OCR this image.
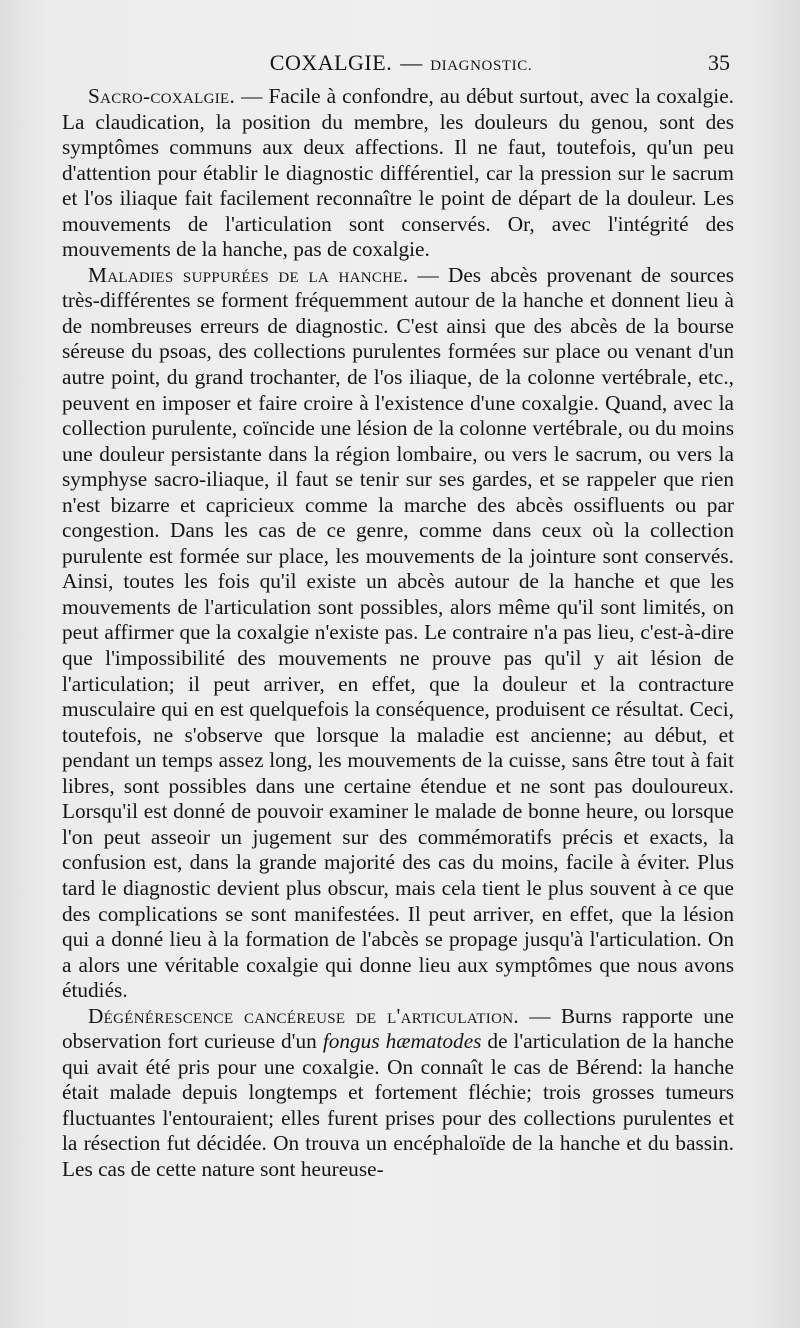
COXALGIE. — DIAGNOSTIC.	35

Sacro-coxalgie. — Facile à confondre, au début surtout, avec la coxalgie. La claudication, la position du membre, les douleurs du genou, sont des symptômes communs aux deux affections. Il ne faut, toutefois, qu'un peu d'attention pour établir le diagnostic différentiel, car la pression sur le sacrum et l'os iliaque fait facilement reconnaître le point de départ de la douleur. Les mouvements de l'articulation sont conservés. Or, avec l'intégrité des mouvements de la hanche, pas de coxalgie.

Maladies suppurées de la hanche. — Des abcès provenant de sources très-différentes se forment fréquemment autour de la hanche et donnent lieu à de nombreuses erreurs de diagnostic. C'est ainsi que des abcès de la bourse séreuse du psoas, des collections purulentes formées sur place ou venant d'un autre point, du grand trochanter, de l'os iliaque, de la colonne vertébrale, etc., peuvent en imposer et faire croire à l'existence d'une coxalgie. Quand, avec la collection purulente, coïncide une lésion de la colonne vertébrale, ou du moins une douleur persistante dans la région lombaire, ou vers le sacrum, ou vers la symphyse sacro-iliaque, il faut se tenir sur ses gardes, et se rappeler que rien n'est bizarre et capricieux comme la marche des abcès ossifluents ou par congestion. Dans les cas de ce genre, comme dans ceux où la collection purulente est formée sur place, les mouvements de la jointure sont conservés. Ainsi, toutes les fois qu'il existe un abcès autour de la hanche et que les mouvements de l'articulation sont possibles, alors même qu'il sont limités, on peut affirmer que la coxalgie n'existe pas. Le contraire n'a pas lieu, c'est-à-dire que l'impossibilité des mouvements ne prouve pas qu'il y ait lésion de l'articulation; il peut arriver, en effet, que la douleur et la contracture musculaire qui en est quelquefois la conséquence, produisent ce résultat. Ceci, toutefois, ne s'observe que lorsque la maladie est ancienne; au début, et pendant un temps assez long, les mouvements de la cuisse, sans être tout à fait libres, sont possibles dans une certaine étendue et ne sont pas douloureux. Lorsqu'il est donné de pouvoir examiner le malade de bonne heure, ou lorsque l'on peut asseoir un jugement sur des commémoratifs précis et exacts, la confusion est, dans la grande majorité des cas du moins, facile à éviter. Plus tard le diagnostic devient plus obscur, mais cela tient le plus souvent à ce que des complications se sont manifestées. Il peut arriver, en effet, que la lésion qui a donné lieu à la formation de l'abcès se propage jusqu'à l'articulation. On a alors une véritable coxalgie qui donne lieu aux symptômes que nous avons étudiés.

Dégénérescence cancéreuse de l'articulation. — Burns rapporte une observation fort curieuse d'un fongus hæmatodes de l'articulation de la hanche qui avait été pris pour une coxalgie. On connaît le cas de Bérend: la hanche était malade depuis longtemps et fortement fléchie; trois grosses tumeurs fluctuantes l'entouraient; elles furent prises pour des collections purulentes et la résection fut décidée. On trouva un encéphaloïde de la hanche et du bassin. Les cas de cette nature sont heureuse-
